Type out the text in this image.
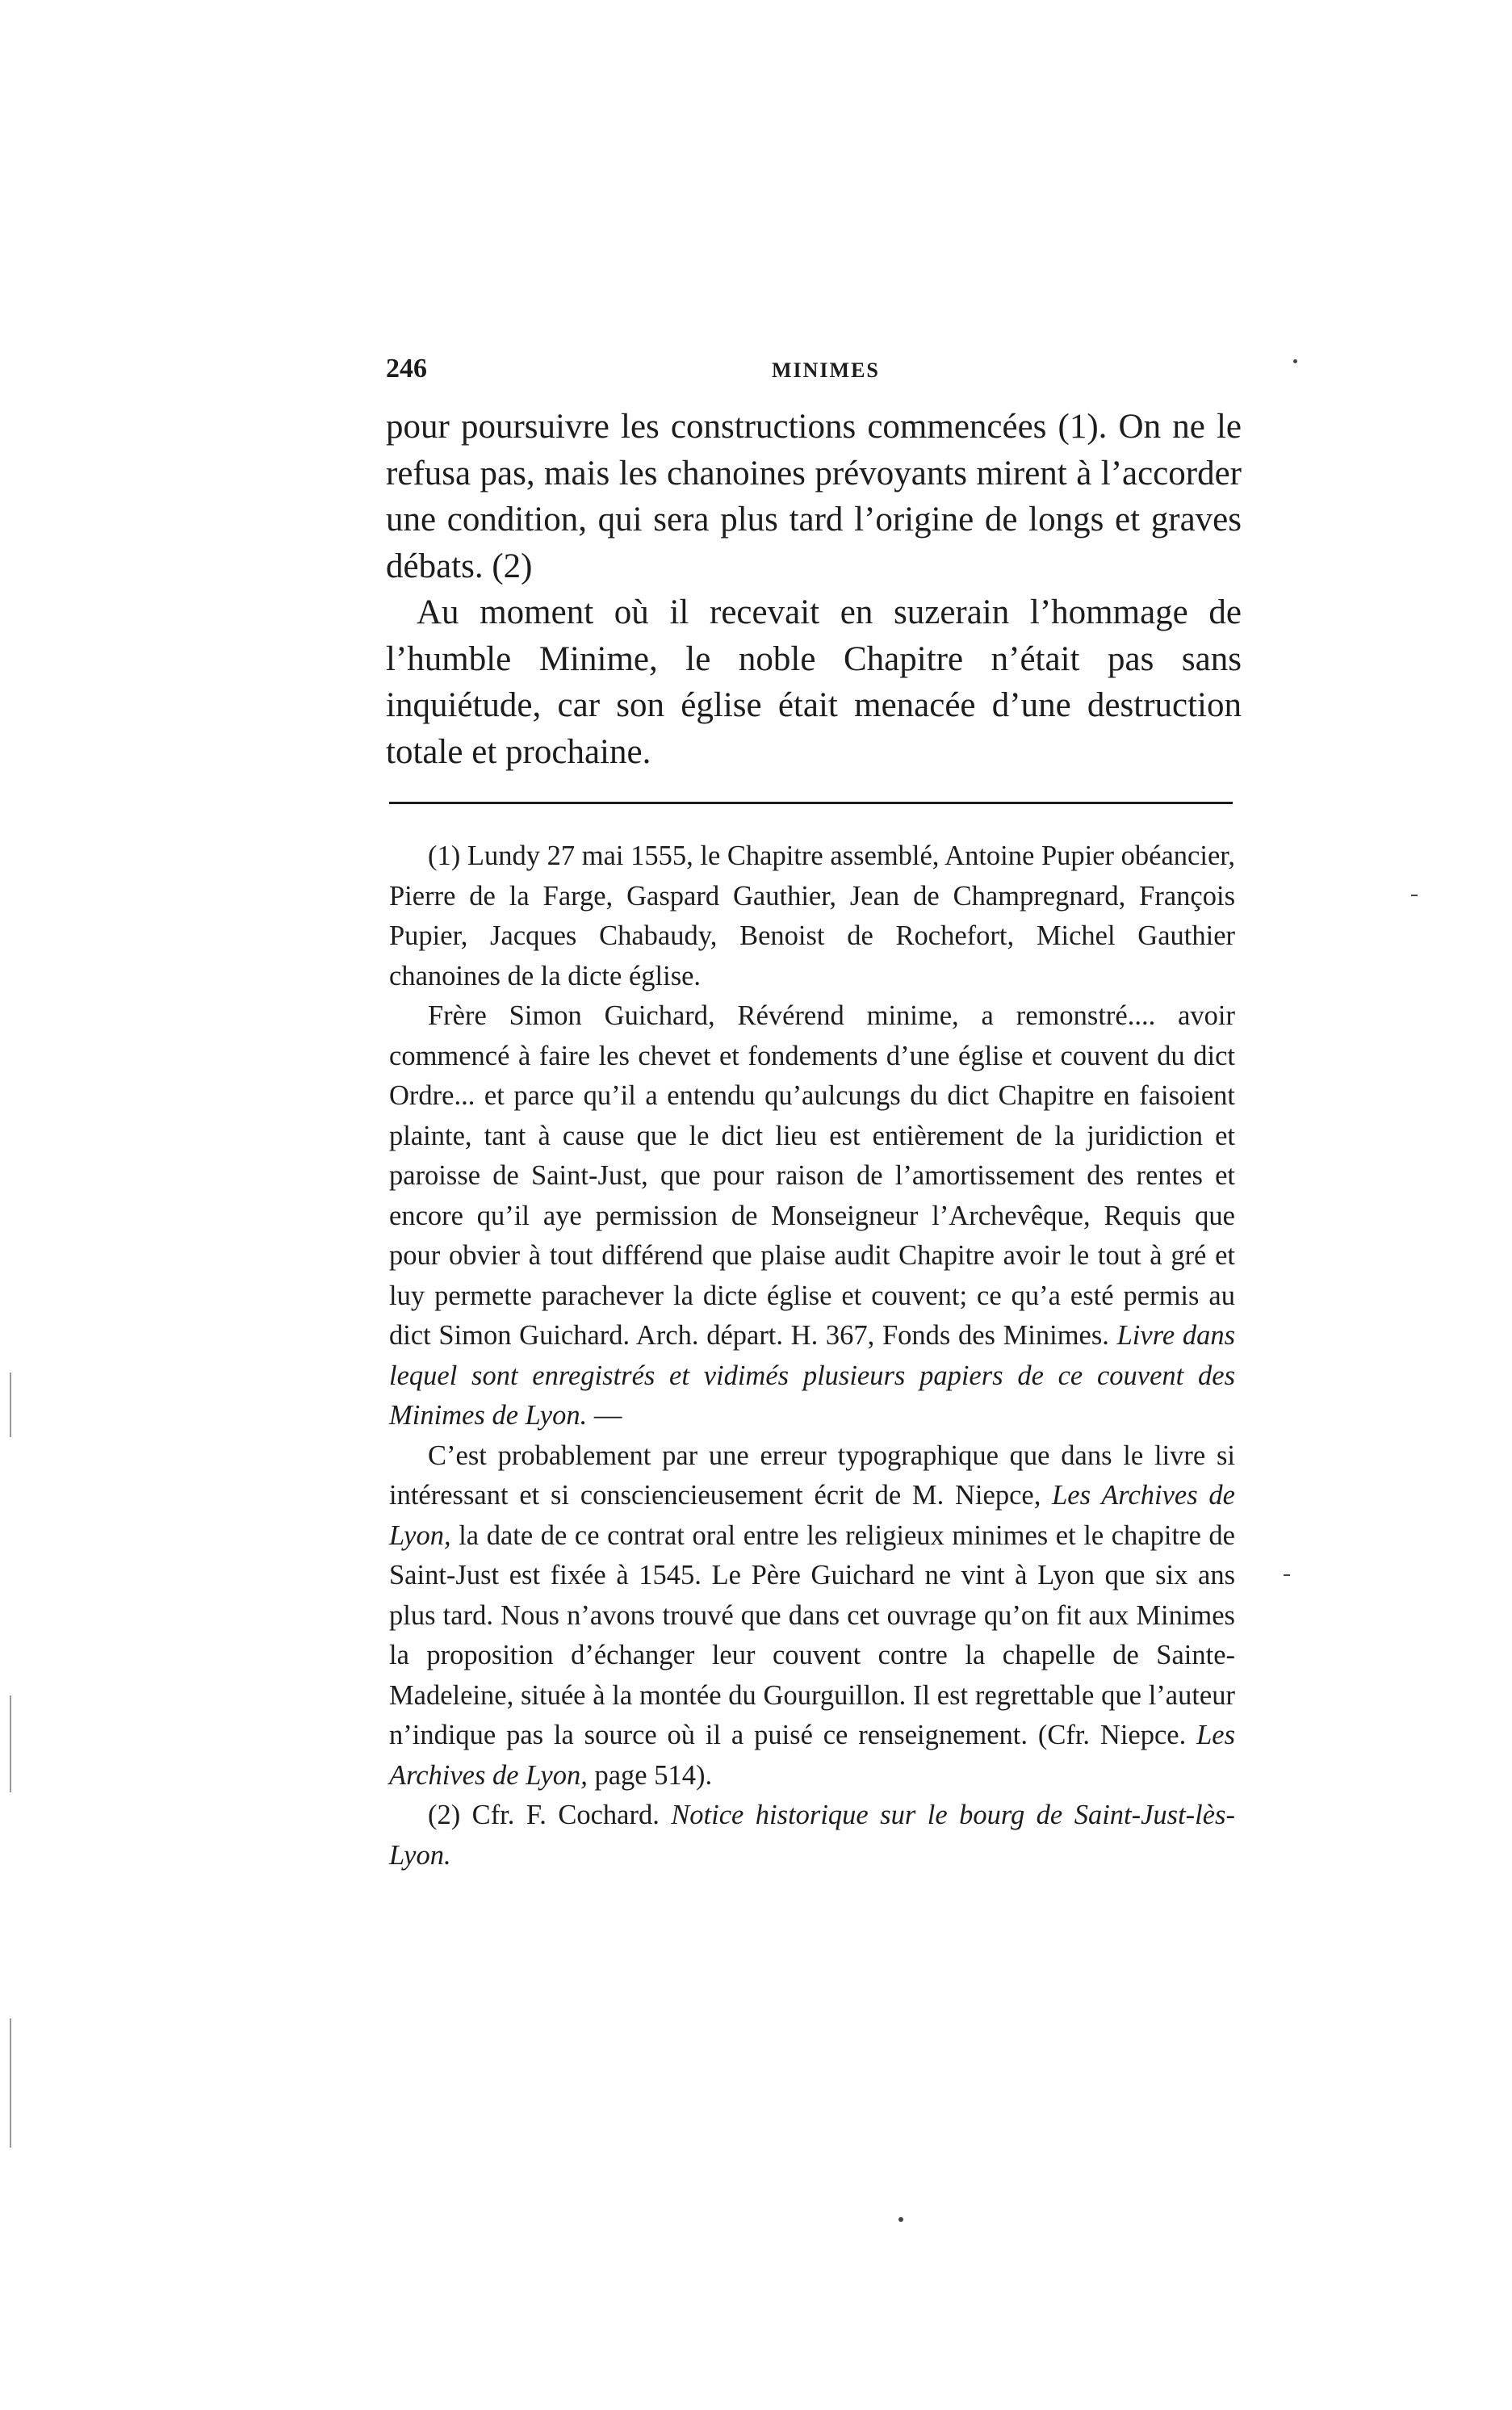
246	MINIMES

pour poursuivre les constructions commencées (1). On ne le refusa pas, mais les chanoines prévoyants mirent à l’accorder une condition, qui sera plus tard l’origine de longs et graves débats. (2)

Au moment où il recevait en suzerain l’hommage de l’humble Minime, le noble Chapitre n’était pas sans inquiétude, car son église était menacée d’une destruction totale et prochaine.

(1) Lundy 27 mai 1555, le Chapitre assemblé, Antoine Pupier obéancier, Pierre de la Farge, Gaspard Gauthier, Jean de Champregnard, François Pupier, Jacques Chabaudy, Benoist de Rochefort, Michel Gauthier chanoines de la dicte église.

Frère Simon Guichard, Révérend minime, a remonstré.... avoir commencé à faire les chevet et fondements d’une église et couvent du dict Ordre... et parce qu’il a entendu qu’aulcungs du dict Chapitre en faisoient plainte, tant à cause que le dict lieu est entièrement de la juridiction et paroisse de Saint-Just, que pour raison de l’amortissement des rentes et encore qu’il aye permission de Monseigneur l’Archevêque, Requis que pour obvier à tout différend que plaise audit Chapitre avoir le tout à gré et luy permette parachever la dicte église et couvent; ce qu’a esté permis au dict Simon Guichard. Arch. départ. H. 367, Fonds des Minimes. Livre dans lequel sont enregistrés et vidimés plusieurs papiers de ce couvent des Minimes de Lyon. —

C’est probablement par une erreur typographique que dans le livre si intéressant et si consciencieusement écrit de M. Niepce, Les Archives de Lyon, la date de ce contrat oral entre les religieux minimes et le chapitre de Saint-Just est fixée à 1545. Le Père Guichard ne vint à Lyon que six ans plus tard. Nous n’avons trouvé que dans cet ouvrage qu’on fit aux Minimes la proposition d’échanger leur couvent contre la chapelle de Sainte-Madeleine, située à la montée du Gourguillon. Il est regrettable que l’auteur n’indique pas la source où il a puisé ce renseignement. (Cfr. Niepce. Les Archives de Lyon, page 514).

(2) Cfr. F. Cochard. Notice historique sur le bourg de Saint-Just-lès-Lyon.
